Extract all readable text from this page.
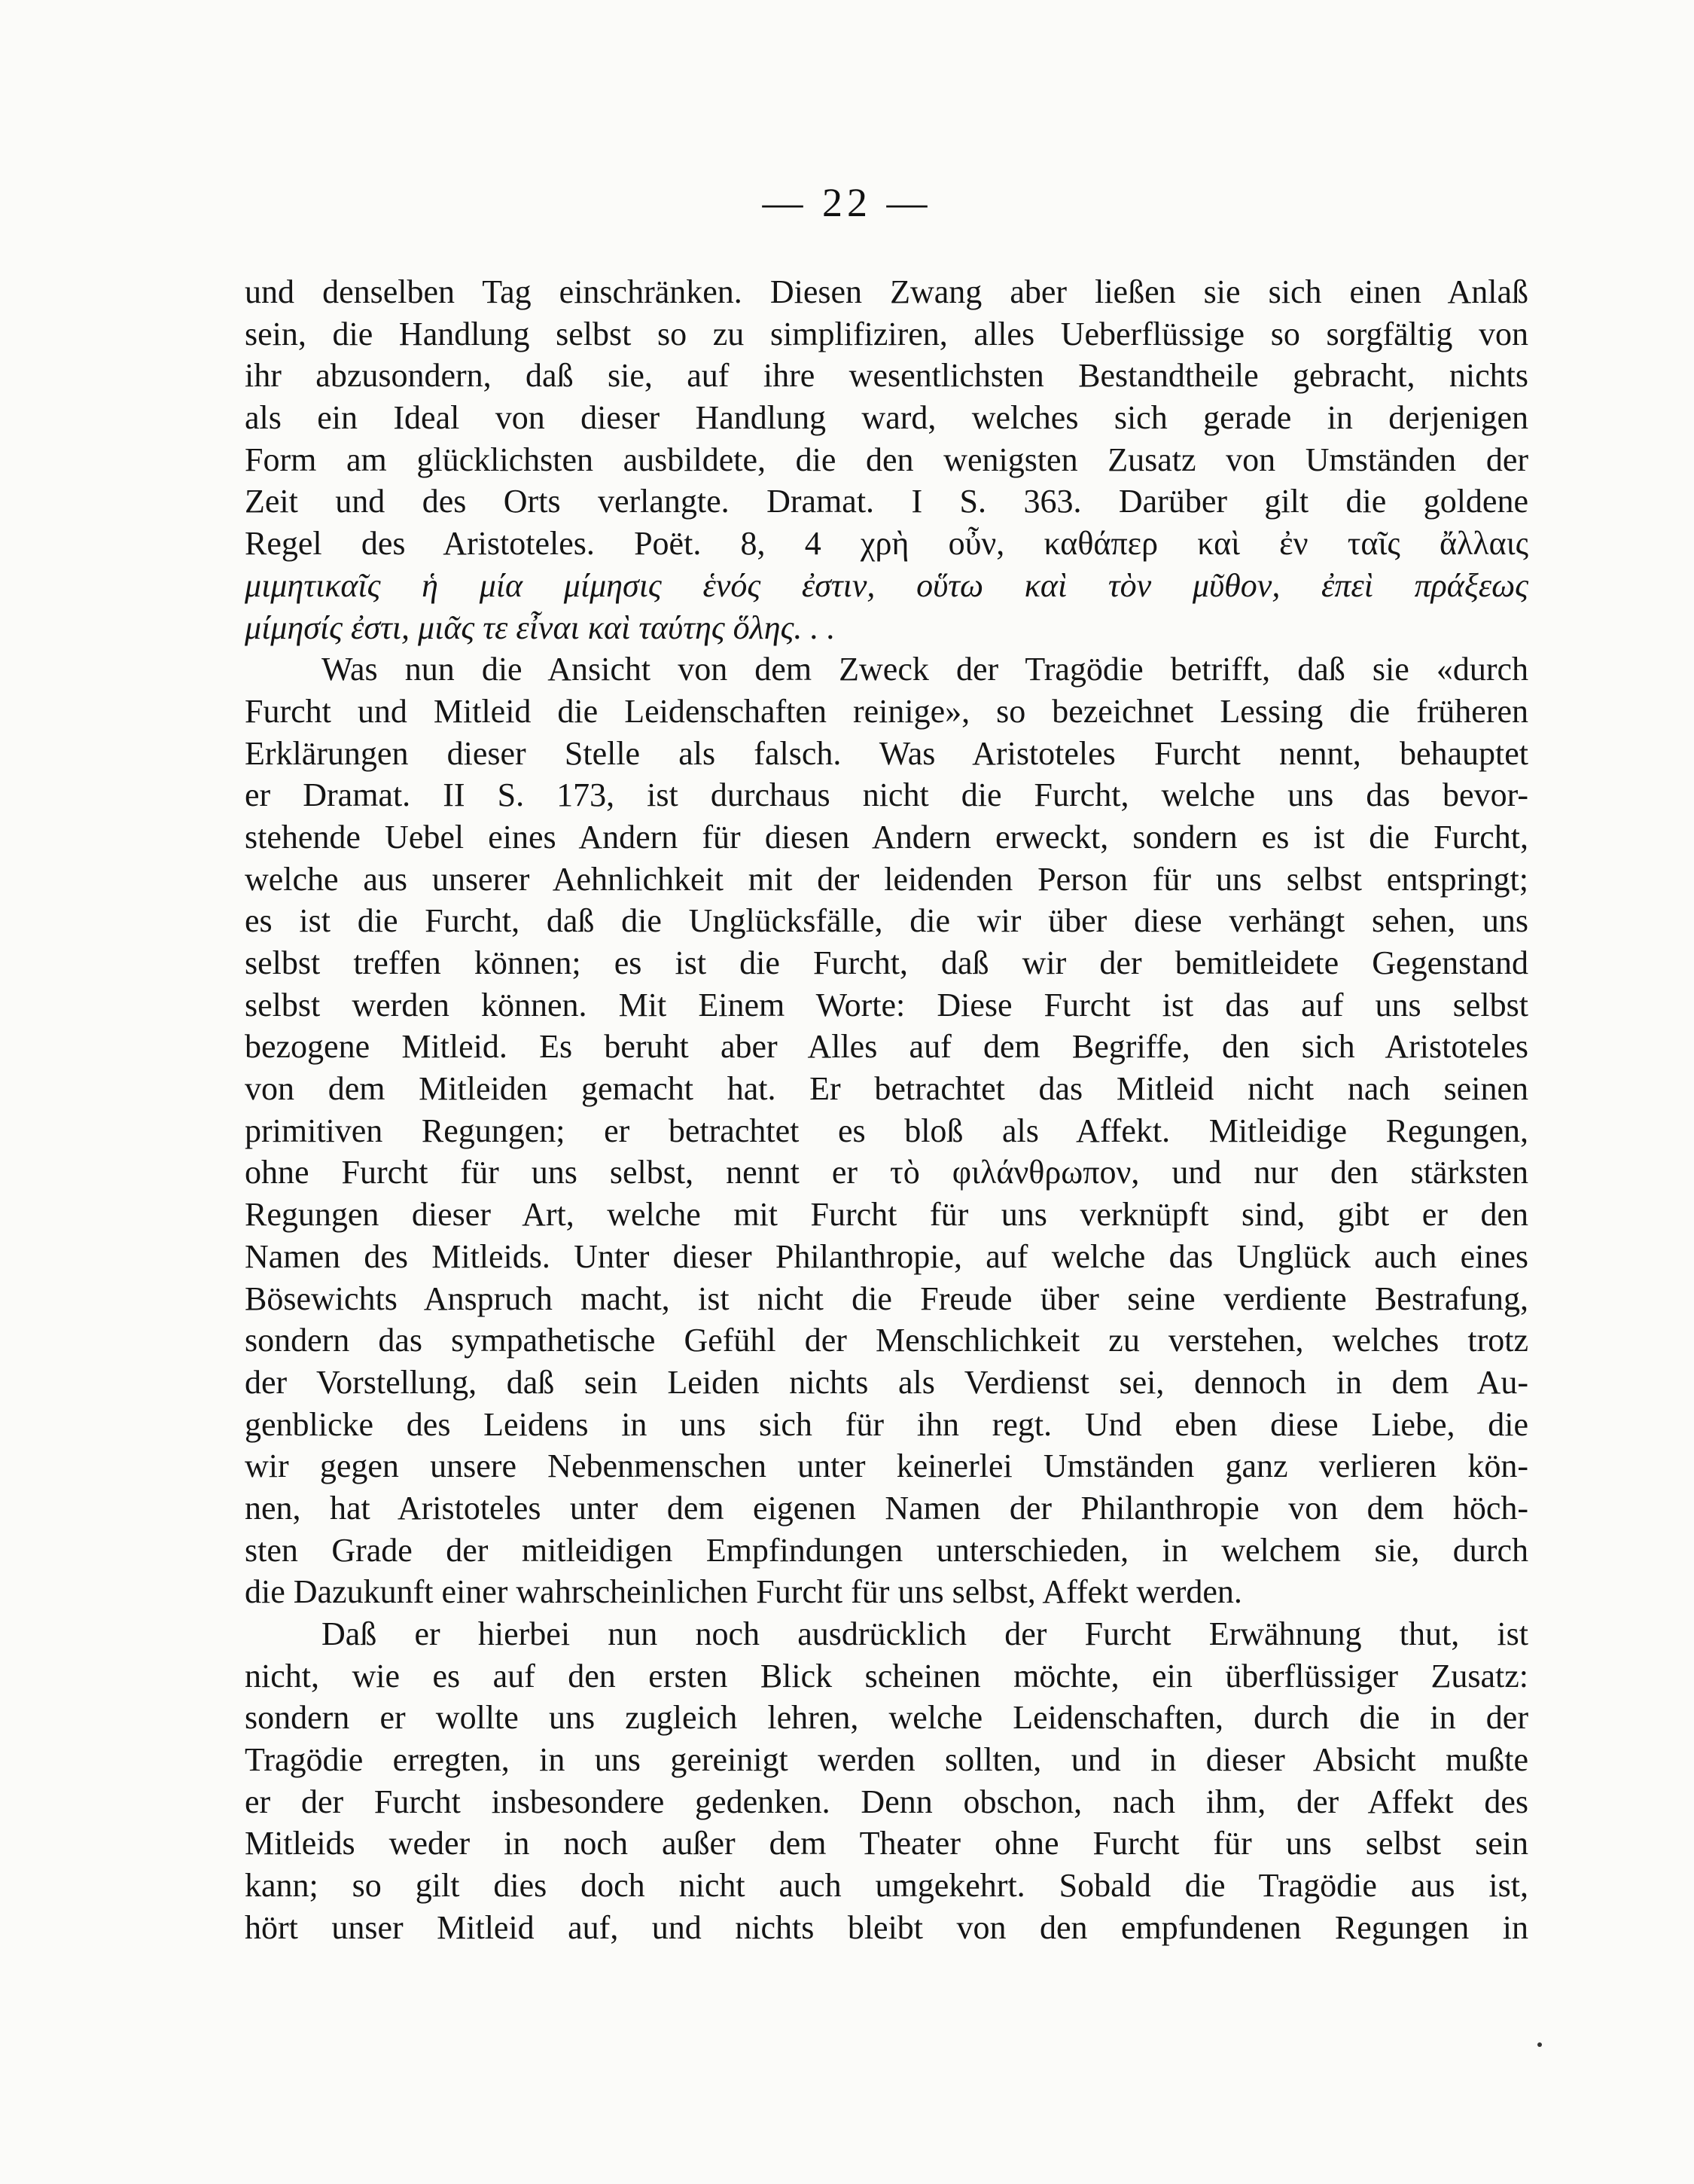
— 22 —
und denselben Tag einschränken. Diesen Zwang aber ließen sie sich einen Anlaß
sein, die Handlung selbst so zu simplifiziren, alles Ueberflüssige so sorgfältig von
ihr abzusondern, daß sie, auf ihre wesentlichsten Bestandtheile gebracht, nichts
als ein Ideal von dieser Handlung ward, welches sich gerade in derjenigen
Form am glücklichsten ausbildete, die den wenigsten Zusatz von Umständen der
Zeit und des Orts verlangte. Dramat. I S. 363. Darüber gilt die goldene
Regel des Aristoteles. Poët. 8, 4 χρὴ οὖν, καθάπερ καὶ ἐν ταῖς ἄλλαις
μιμητικαῖς ἡ μία μίμησις ἑνός ἐστιν, οὕτω καὶ τὸν μῦθον, ἐπεὶ πράξεως
μίμησίς ἐστι, μιᾶς τε εἶναι καὶ ταύτης ὅλης. . .
Was nun die Ansicht von dem Zweck der Tragödie betrifft, daß sie «durch
Furcht und Mitleid die Leidenschaften reinige», so bezeichnet Lessing die früheren
Erklärungen dieser Stelle als falsch. Was Aristoteles Furcht nennt, behauptet
er Dramat. II S. 173, ist durchaus nicht die Furcht, welche uns das bevor-
stehende Uebel eines Andern für diesen Andern erweckt, sondern es ist die Furcht,
welche aus unserer Aehnlichkeit mit der leidenden Person für uns selbst entspringt;
es ist die Furcht, daß die Unglücksfälle, die wir über diese verhängt sehen, uns
selbst treffen können; es ist die Furcht, daß wir der bemitleidete Gegenstand
selbst werden können. Mit Einem Worte: Diese Furcht ist das auf uns selbst
bezogene Mitleid. Es beruht aber Alles auf dem Begriffe, den sich Aristoteles
von dem Mitleiden gemacht hat. Er betrachtet das Mitleid nicht nach seinen
primitiven Regungen; er betrachtet es bloß als Affekt. Mitleidige Regungen,
ohne Furcht für uns selbst, nennt er τὸ φιλάνθρωπον, und nur den stärksten
Regungen dieser Art, welche mit Furcht für uns verknüpft sind, gibt er den
Namen des Mitleids. Unter dieser Philanthropie, auf welche das Unglück auch eines
Bösewichts Anspruch macht, ist nicht die Freude über seine verdiente Bestrafung,
sondern das sympathetische Gefühl der Menschlichkeit zu verstehen, welches trotz
der Vorstellung, daß sein Leiden nichts als Verdienst sei, dennoch in dem Au-
genblicke des Leidens in uns sich für ihn regt. Und eben diese Liebe, die
wir gegen unsere Nebenmenschen unter keinerlei Umständen ganz verlieren kön-
nen, hat Aristoteles unter dem eigenen Namen der Philanthropie von dem höch-
sten Grade der mitleidigen Empfindungen unterschieden, in welchem sie, durch
die Dazukunft einer wahrscheinlichen Furcht für uns selbst, Affekt werden.
Daß er hierbei nun noch ausdrücklich der Furcht Erwähnung thut, ist
nicht, wie es auf den ersten Blick scheinen möchte, ein überflüssiger Zusatz:
sondern er wollte uns zugleich lehren, welche Leidenschaften, durch die in der
Tragödie erregten, in uns gereinigt werden sollten, und in dieser Absicht mußte
er der Furcht insbesondere gedenken. Denn obschon, nach ihm, der Affekt des
Mitleids weder in noch außer dem Theater ohne Furcht für uns selbst sein
kann; so gilt dies doch nicht auch umgekehrt. Sobald die Tragödie aus ist,
hört unser Mitleid auf, und nichts bleibt von den empfundenen Regungen in
